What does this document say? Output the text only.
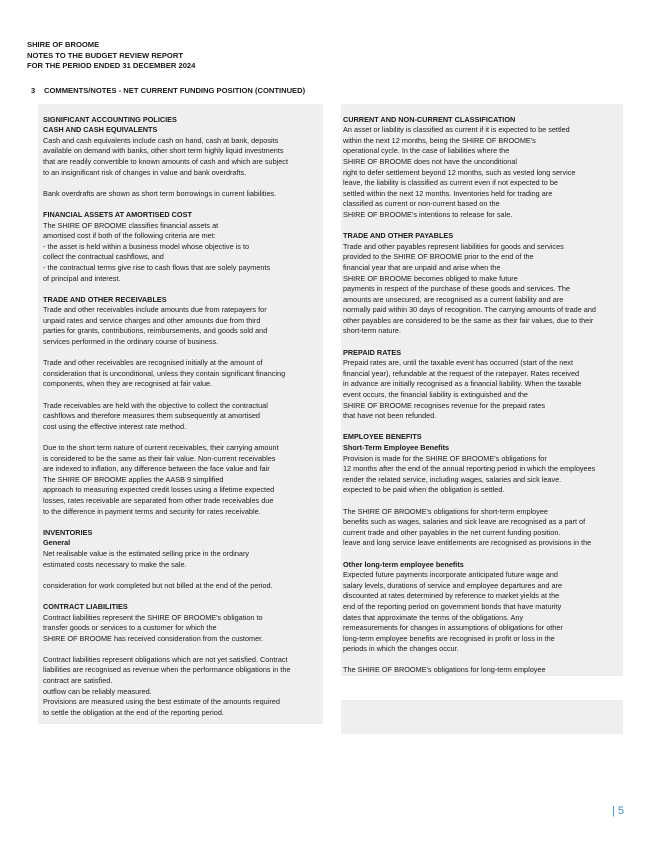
SHIRE OF BROOME
NOTES TO THE BUDGET REVIEW REPORT
FOR THE PERIOD ENDED 31 DECEMBER 2024
3 COMMENTS/NOTES - NET CURRENT FUNDING POSITION (CONTINUED)

SIGNIFICANT ACCOUNTING POLICIES

CASH AND CASH EQUIVALENTS

Cash and cash equivalents include cash on hand, cash at bank, deposits
available on demand with banks, other short term highly liquid investments
that are readily convertible to known amounts of cash and which are subject
to an insignificant risk of changes in value and bank overdrafts.

Bank overdrafts are shown as short term borrowings in current liabilities.

FINANCIAL ASSETS AT AMORTISED COST

The SHIRE OF BROOME classifies financial assets at
amortised cost if both of the following criteria are met:
- the asset is held within a business model whose objective is to
collect the contractual cashflows, and
- the contractual terms give rise to cash flows that are solely payments
of principal and interest.

TRADE AND OTHER RECEIVABLES

Trade and other receivables include amounts due from ratepayers for
unpaid rates and service charges and other amounts due from third
parties for grants, contributions, reimbursements, and goods sold and
services performed in the ordinary course of business.

Trade and other receivables are recognised initially at the amount of
consideration that is unconditional, unless they contain significant financing
components, when they are recognised at fair value.

Trade receivables are held with the objective to collect the contractual
cashflows and therefore measures them subsequently at amortised
cost using the effective interest rate method.

Due to the short term nature of current receivables, their carrying amount
is considered to be the same as their fair value. Non-current receivables
are indexed to inflation, any difference between the face value and fair
The SHIRE OF BROOME applies the AASB 9 simplified
approach to measuring expected credit losses using a lifetime expected
losses, rates receivable are separated from other trade receivables due
to the difference in payment terms and security for rates receivable.

INVENTORIES

General

Net realisable value is the estimated selling price in the ordinary
estimated costs necessary to make the sale.

consideration for work completed but not billed at the end of the period.

CONTRACT LIABILITIES

Contract liabilities represent the SHIRE OF BROOME's obligation to
transfer goods or services to a customer for which the
SHIRE OF BROOME has received consideration from the customer.

Contract liabilities represent obligations which are not yet satisfied. Contract
liabilities are recognised as revenue when the performance obligations in the
contract are satisfied.
outflow can be reliably measured.
Provisions are measured using the best estimate of the amounts required
to settle the obligation at the end of the reporting period.

CURRENT AND NON-CURRENT CLASSIFICATION

An asset or liability is classified as current if it is expected to be settled
within the next 12 months, being the SHIRE OF BROOME's
operational cycle. In the case of liabilities where the
SHIRE OF BROOME does not have the unconditional
right to defer settlement beyond 12 months, such as vested long service
leave, the liability is classified as current even if not expected to be
settled within the next 12 months. Inventories held for trading are
classified as current or non-current based on the
SHIRE OF BROOME's intentions to release for sale.

TRADE AND OTHER PAYABLES

Trade and other payables represent liabilities for goods and services
provided to the SHIRE OF BROOME prior to the end of the
financial year that are unpaid and arise when the
SHIRE OF BROOME becomes obliged to make future
payments in respect of the purchase of these goods and services. The
amounts are unsecured, are recognised as a current liability and are
normally paid within 30 days of recognition. The carrying amounts of trade and
other payables are considered to be the same as their fair values, due to their
short-term nature.

PREPAID RATES

Prepaid rates are, until the taxable event has occurred (start of the next
financial year), refundable at the request of the ratepayer. Rates received
in advance are initially recognised as a financial liability. When the taxable
event occurs, the financial liability is extinguished and the
SHIRE OF BROOME recognises revenue for the prepaid rates
that have not been refunded.

EMPLOYEE BENEFITS

Short-Term Employee Benefits

Provision is made for the SHIRE OF BROOME's obligations for
12 months after the end of the annual reporting period in which the employees
render the related service, including wages, salaries and sick leave.
expected to be paid when the obligation is settled.

The SHIRE OF BROOME's obligations for short-term employee
benefits such as wages, salaries and sick leave are recognised as a part of
current trade and other payables in the net current funding position.
leave and long service leave entitlements are recognised as provisions in the

Other long-term employee benefits

Expected future payments incorporate anticipated future wage and
salary levels, durations of service and employee departures and are
discounted at rates determined by reference to market yields at the
end of the reporting period on government bonds that have maturity
dates that approximate the terms of the obligations. Any
remeasurements for changes in assumptions of obligations for other
long-term employee benefits are recognised in profit or loss in the
periods in which the changes occur.

The SHIRE OF BROOME's obligations for long-term employee

| 5
